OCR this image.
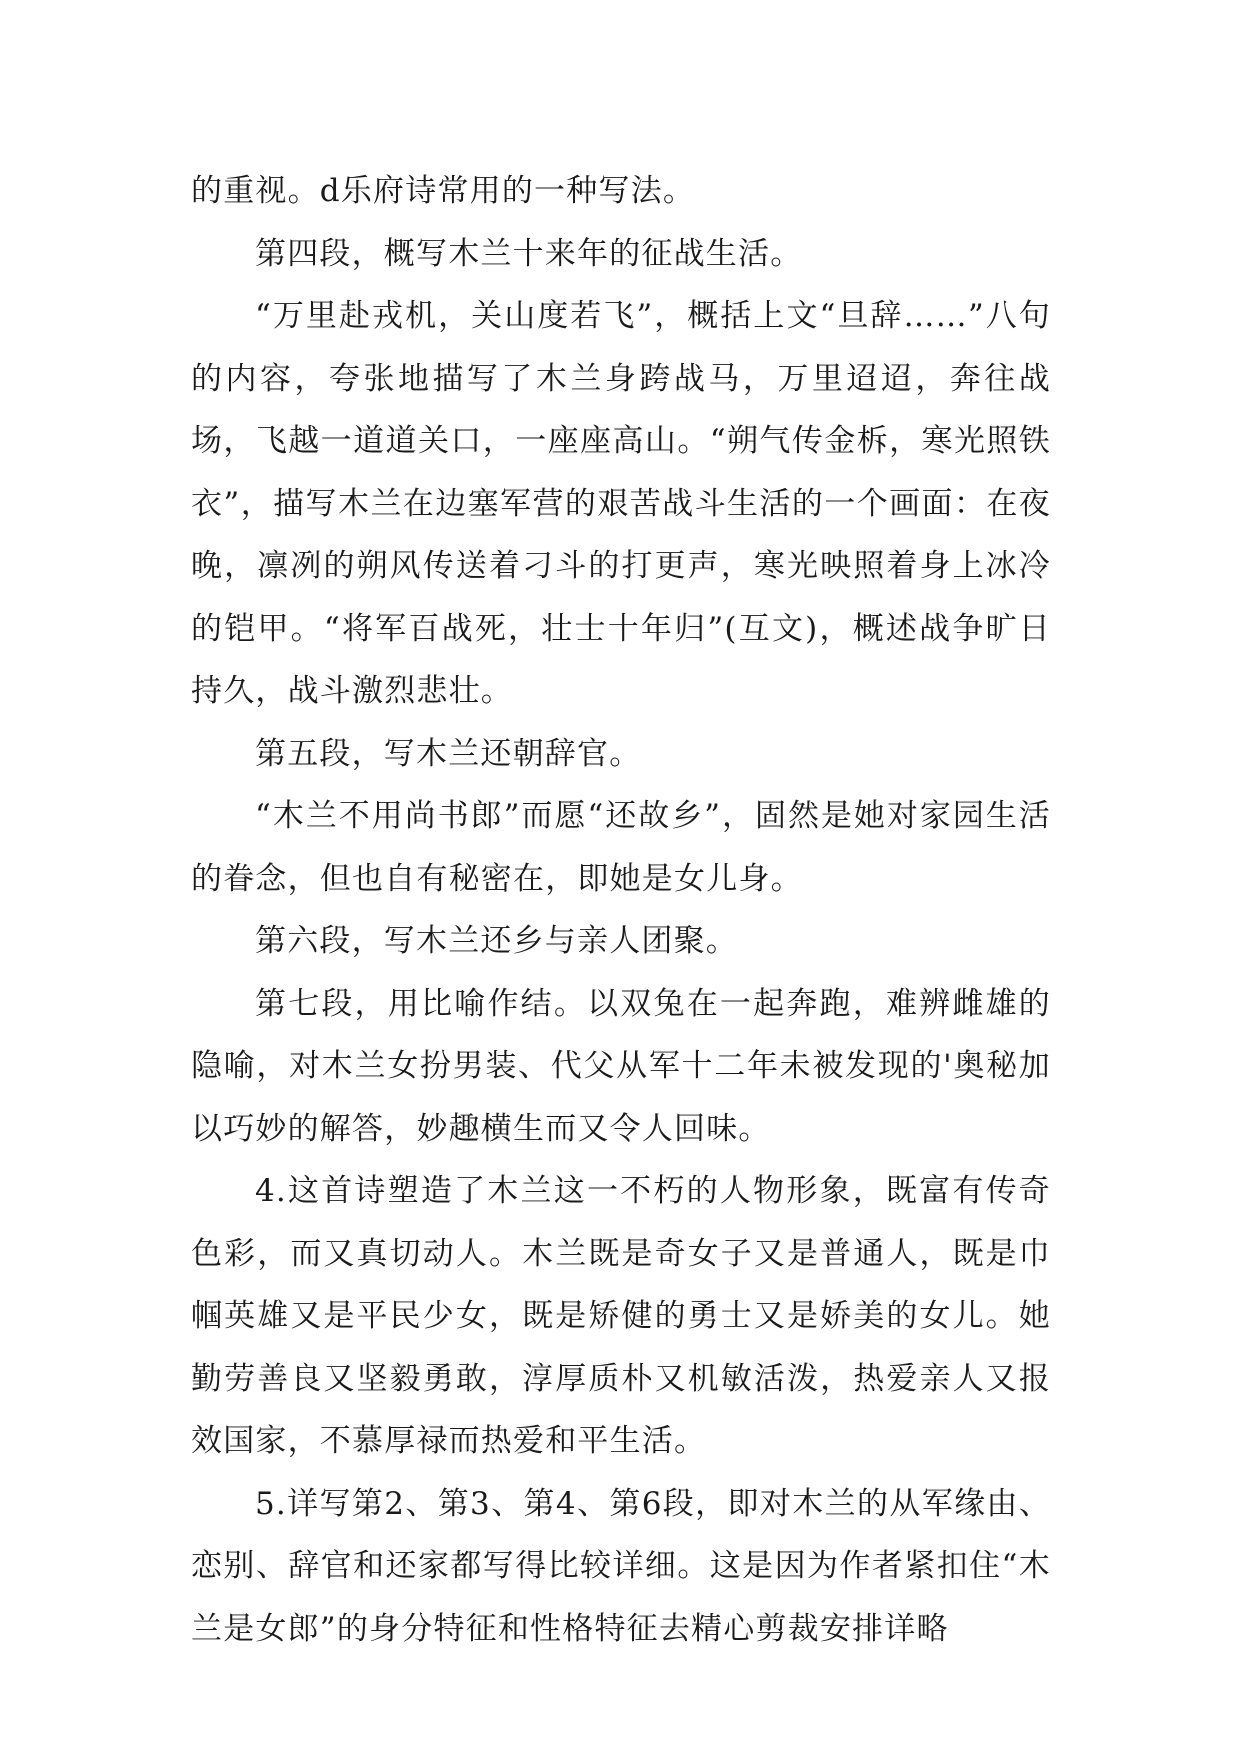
的重视。d乐府诗常用的一种写法。

第四段，概写木兰十来年的征战生活。

“万里赴戎机，关山度若飞”，概括上文“旦辞……”八句的内容，夸张地描写了木兰身跨战马，万里迢迢，奔往战场，飞越一道道关口，一座座高山。“朔气传金柝，寒光照铁衣”，描写木兰在边塞军营的艰苦战斗生活的一个画面：在夜晚，凛冽的朔风传送着刁斗的打更声，寒光映照着身上冰冷的铠甲。“将军百战死，壮士十年归”(互文)，概述战争旷日持久，战斗激烈悲壮。

第五段，写木兰还朝辞官。

“木兰不用尚书郎”而愿“还故乡”，固然是她对家园生活的眷念，但也自有秘密在，即她是女儿身。

第六段，写木兰还乡与亲人团聚。

第七段，用比喻作结。以双兔在一起奔跑，难辨雌雄的隐喻，对木兰女扮男装、代父从军十二年未被发现的'奥秘加以巧妙的解答，妙趣横生而又令人回味。

4.这首诗塑造了木兰这一不朽的人物形象，既富有传奇色彩，而又真切动人。木兰既是奇女子又是普通人，既是巾帼英雄又是平民少女，既是矫健的勇士又是娇美的女儿。她勤劳善良又坚毅勇敢，淳厚质朴又机敏活泼，热爱亲人又报效国家，不慕厚禄而热爱和平生活。

5.详写第2、第3、第4、第6段，即对木兰的从军缘由、恋别、辞官和还家都写得比较详细。这是因为作者紧扣住“木兰是女郎”的身分特征和性格特征去精心剪裁安排详略
